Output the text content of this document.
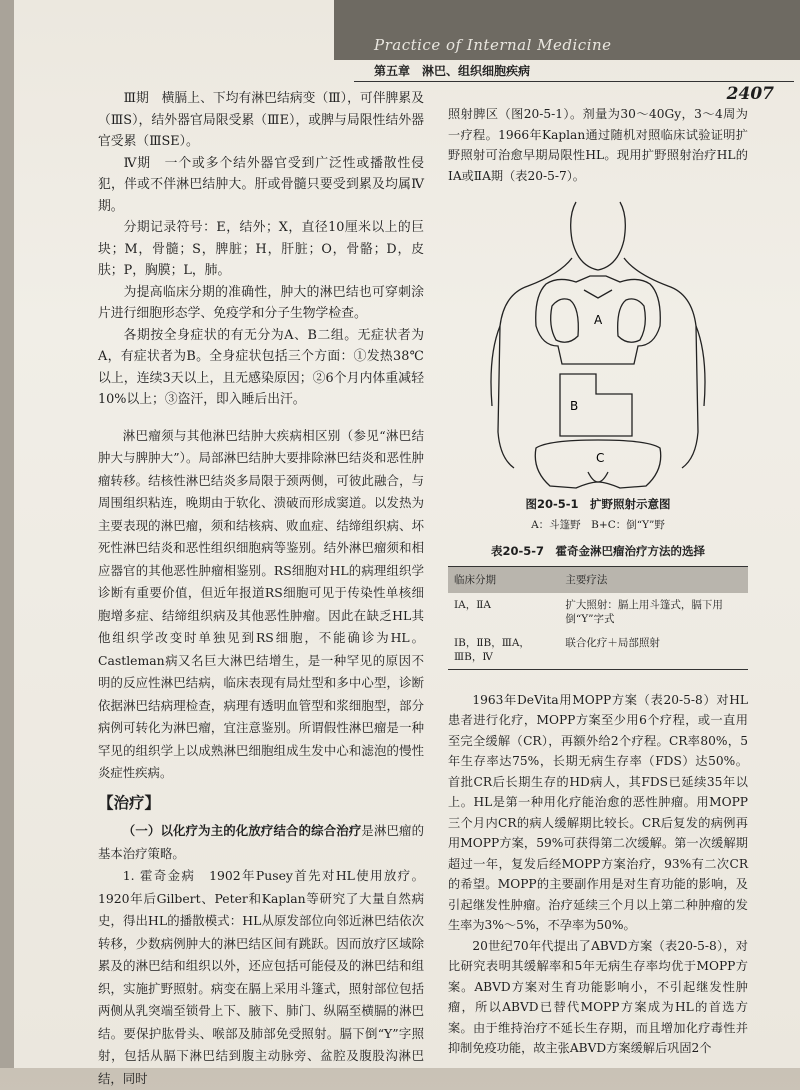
Practice of Internal Medicine
第五章　淋巴、组织细胞疾病
2407

Ⅲ期　横膈上、下均有淋巴结病变（Ⅲ），可伴脾累及（ⅢS），结外器官局限受累（ⅢE），或脾与局限性结外器官受累（ⅢSE）。

Ⅳ期　一个或多个结外器官受到广泛性或播散性侵犯，伴或不伴淋巴结肿大。肝或骨髓只要受到累及均属Ⅳ期。

分期记录符号：E，结外；X，直径10厘米以上的巨块；M，骨髓；S，脾脏；H，肝脏；O，骨骼；D，皮肤；P，胸膜；L，肺。

为提高临床分期的准确性，肿大的淋巴结也可穿刺涂片进行细胞形态学、免疫学和分子生物学检查。

各期按全身症状的有无分为A、B二组。无症状者为A，有症状者为B。全身症状包括三个方面：①发热38℃以上，连续3天以上，且无感染原因；②6个月内体重减轻10%以上；③盗汗，即入睡后出汗。

淋巴瘤须与其他淋巴结肿大疾病相区别（参见“淋巴结肿大与脾肿大”）。局部淋巴结肿大要排除淋巴结炎和恶性肿瘤转移。结核性淋巴结炎多局限于颈两侧，可彼此融合，与周围组织粘连，晚期由于软化、溃破而形成窦道。以发热为主要表现的淋巴瘤，须和结核病、败血症、结缔组织病、坏死性淋巴结炎和恶性组织细胞病等鉴别。结外淋巴瘤须和相应器官的其他恶性肿瘤相鉴别。RS细胞对HL的病理组织学诊断有重要价值，但近年报道RS细胞可见于传染性单核细胞增多症、结缔组织病及其他恶性肿瘤。因此在缺乏HL其他组织学改变时单独见到RS细胞，不能确诊为HL。Castleman病又名巨大淋巴结增生，是一种罕见的原因不明的反应性淋巴结病，临床表现有局灶型和多中心型，诊断依据淋巴结病理检查，病理有透明血管型和浆细胞型，部分病例可转化为淋巴瘤，宜注意鉴别。所谓假性淋巴瘤是一种罕见的组织学上以成熟淋巴细胞组成生发中心和滤泡的慢性炎症性疾病。

【治疗】

（一）以化疗为主的化放疗结合的综合治疗是淋巴瘤的基本治疗策略。

1. 霍奇金病　1902年Pusey首先对HL使用放疗。1920年后Gilbert、Peter和Kaplan等研究了大量自然病史，得出HL的播散模式：HL从原发部位向邻近淋巴结依次转移，少数病例肿大的淋巴结区间有跳跃。因而放疗区域除累及的淋巴结和组织以外，还应包括可能侵及的淋巴结和组织，实施扩野照射。病变在膈上采用斗篷式，照射部位包括两侧从乳突端至锁骨上下、腋下、肺门、纵隔至横膈的淋巴结。要保护肱骨头、喉部及肺部免受照射。膈下倒“Y”字照射，包括从膈下淋巴结到腹主动脉旁、盆腔及腹股沟淋巴结，同时

照射脾区（图20-5-1）。剂量为30～40Gy，3～4周为一疗程。1966年Kaplan通过随机对照临床试验证明扩野照射可治愈早期局限性HL。现用扩野照射治疗HL的ⅠA或ⅡA期（表20-5-7）。

A
B
C
图20-5-1　扩野照射示意图
A：斗篷野　B+C：倒“Y”野
表20-5-7　霍奇金淋巴瘤治疗方法的选择
临床分期	主要疗法
ⅠA，ⅡA	扩大照射：膈上用斗篷式，膈下用倒“Y”字式
ⅠB，ⅡB，ⅢA，ⅢB，Ⅳ	联合化疗＋局部照射

1963年DeVita用MOPP方案（表20-5-8）对HL患者进行化疗，MOPP方案至少用6个疗程，或一直用至完全缓解（CR），再额外给2个疗程。CR率80%，5年生存率达75%，长期无病生存率（FDS）达50%。首批CR后长期生存的HD病人，其FDS已延续35年以上。HL是第一种用化疗能治愈的恶性肿瘤。用MOPP三个月内CR的病人缓解期比较长。CR后复发的病例再用MOPP方案，59%可获得第二次缓解。第一次缓解期超过一年，复发后经MOPP方案治疗，93%有二次CR的希望。MOPP的主要副作用是对生育功能的影响，及引起继发性肿瘤。治疗延续三个月以上第二种肿瘤的发生率为3%～5%，不孕率为50%。

20世纪70年代提出了ABVD方案（表20-5-8），对比研究表明其缓解率和5年无病生存率均优于MOPP方案。ABVD方案对生育功能影响小，不引起继发性肿瘤，所以ABVD已替代MOPP方案成为HL的首选方案。由于维持治疗不延长生存期，而且增加化疗毒性并抑制免疫功能，故主张ABVD方案缓解后巩固2个
